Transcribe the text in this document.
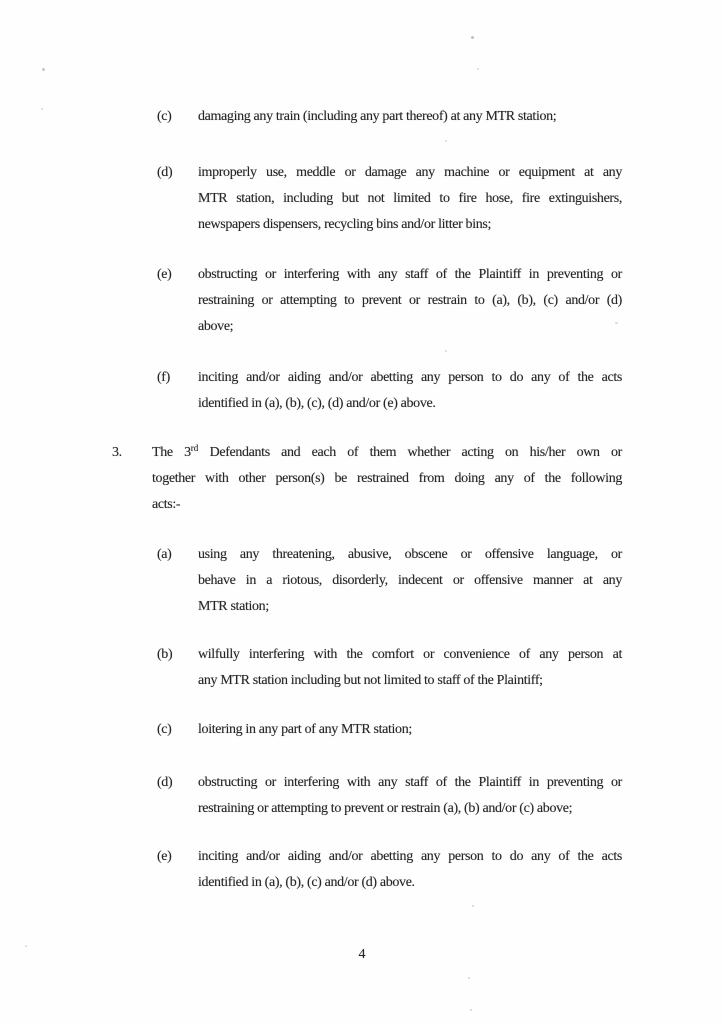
(c)	damaging any train (including any part thereof) at any MTR station;
(d)	improperly use, meddle or damage any machine or equipment at any
MTR station, including but not limited to fire hose, fire extinguishers,
newspapers dispensers, recycling bins and/or litter bins;
(e)	obstructing or interfering with any staff of the Plaintiff in preventing or
restraining or attempting to prevent or restrain to (a), (b), (c) and/or (d)
above;
(f)	inciting and/or aiding and/or abetting any person to do any of the acts
identified in (a), (b), (c), (d) and/or (e) above.
3.	The 3rd Defendants and each of them whether acting on his/her own or
together with other person(s) be restrained from doing any of the following
acts:-
(a)	using any threatening, abusive, obscene or offensive language, or
behave in a riotous, disorderly, indecent or offensive manner at any
MTR station;
(b)	wilfully interfering with the comfort or convenience of any person at
any MTR station including but not limited to staff of the Plaintiff;
(c)	loitering in any part of any MTR station;
(d)	obstructing or interfering with any staff of the Plaintiff in preventing or
restraining or attempting to prevent or restrain (a), (b) and/or (c) above;
(e)	inciting and/or aiding and/or abetting any person to do any of the acts
identified in (a), (b), (c) and/or (d) above.
4
